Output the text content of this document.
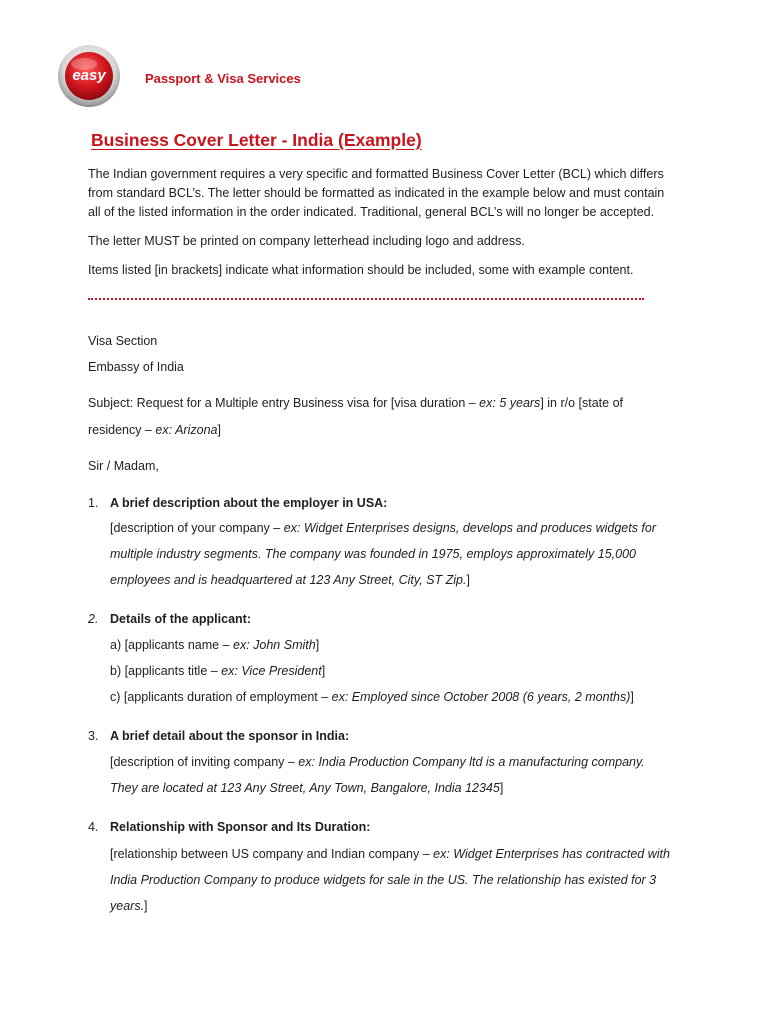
easy	Passport & Visa Services
Business Cover Letter - India (Example)
The Indian government requires a very specific and formatted Business Cover Letter (BCL) which differs
from standard BCL’s. The letter should be formatted as indicated in the example below and must contain
all of the listed information in the order indicated. Traditional, general BCL’s will no longer be accepted.
The letter MUST be printed on company letterhead including logo and address.
Items listed [in brackets] indicate what information should be included, some with example content.
Visa Section
Embassy of India
Subject: Request for a Multiple entry Business visa for [visa duration – ex: 5 years] in r/o [state of
residency – ex: Arizona]
Sir / Madam,
1. A brief description about the employer in USA:
[description of your company – ex: Widget Enterprises designs, develops and produces widgets for
multiple industry segments. The company was founded in 1975, employs approximately 15,000
employees and is headquartered at 123 Any Street, City, ST Zip.]
2. Details of the applicant:
a) [applicants name – ex: John Smith]
b) [applicants title – ex: Vice President]
c) [applicants duration of employment – ex: Employed since October 2008 (6 years, 2 months)]
3. A brief detail about the sponsor in India:
[description of inviting company – ex: India Production Company ltd is a manufacturing company.
They are located at 123 Any Street, Any Town, Bangalore, India 12345]
4. Relationship with Sponsor and Its Duration:
[relationship between US company and Indian company – ex: Widget Enterprises has contracted with
India Production Company to produce widgets for sale in the US. The relationship has existed for 3
years.]
